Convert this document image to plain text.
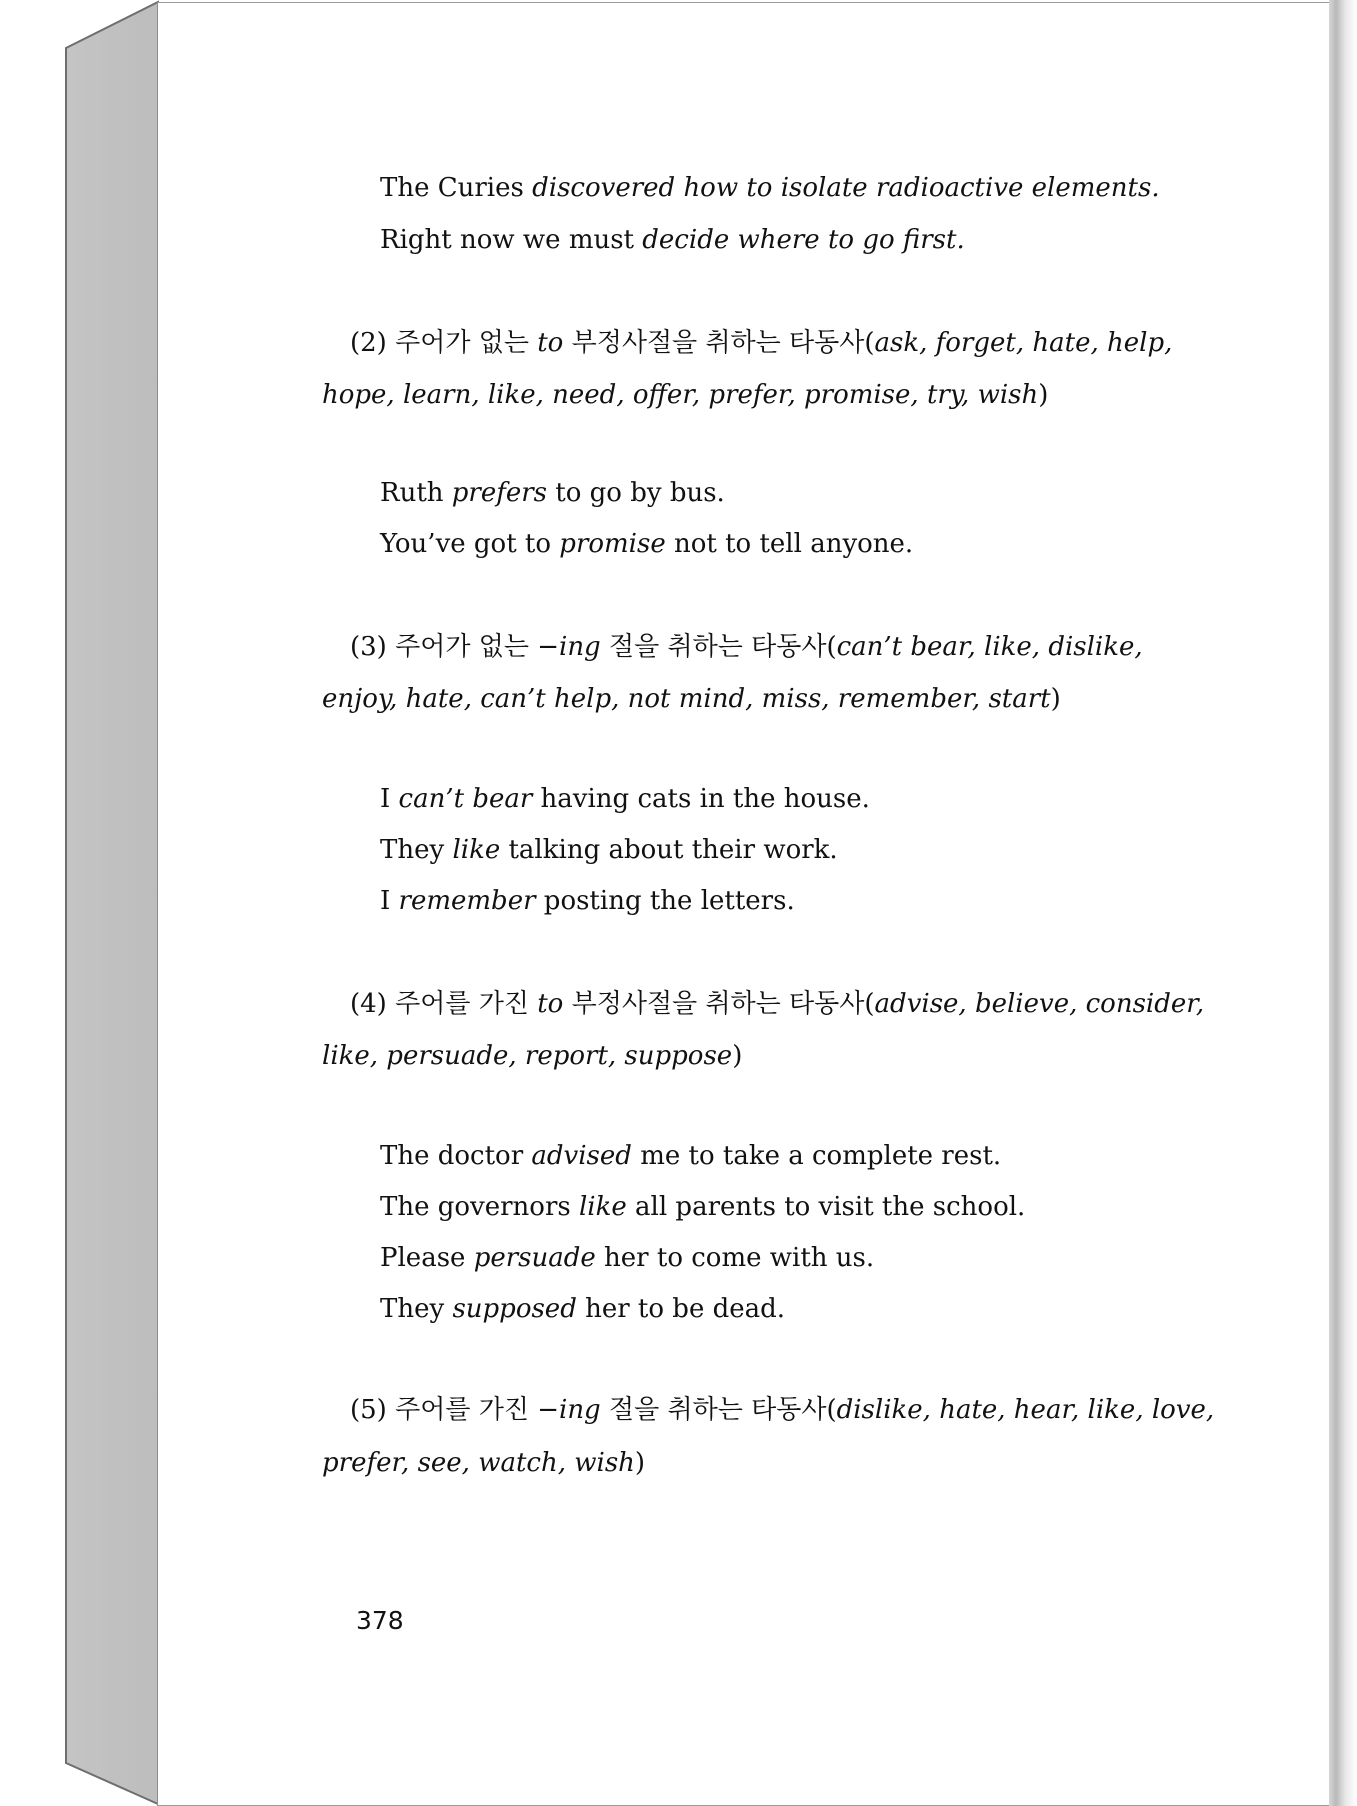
The Curies discovered how to isolate radioactive elements.
Right now we must decide where to go first.
(2) 주어가 없는 to 부정사절을 취하는 타동사(ask, forget, hate, help,
hope, learn, like, need, offer, prefer, promise, try, wish)
Ruth prefers to go by bus.
You’ve got to promise not to tell anyone.
(3) 주어가 없는 −ing 절을 취하는 타동사(can’t bear, like, dislike,
enjoy, hate, can’t help, not mind, miss, remember, start)
I can’t bear having cats in the house.
They like talking about their work.
I remember posting the letters.
(4) 주어를 가진 to 부정사절을 취하는 타동사(advise, believe, consider,
like, persuade, report, suppose)
The doctor advised me to take a complete rest.
The governors like all parents to visit the school.
Please persuade her to come with us.
They supposed her to be dead.
(5) 주어를 가진 −ing 절을 취하는 타동사(dislike, hate, hear, like, love,
prefer, see, watch, wish)
378
